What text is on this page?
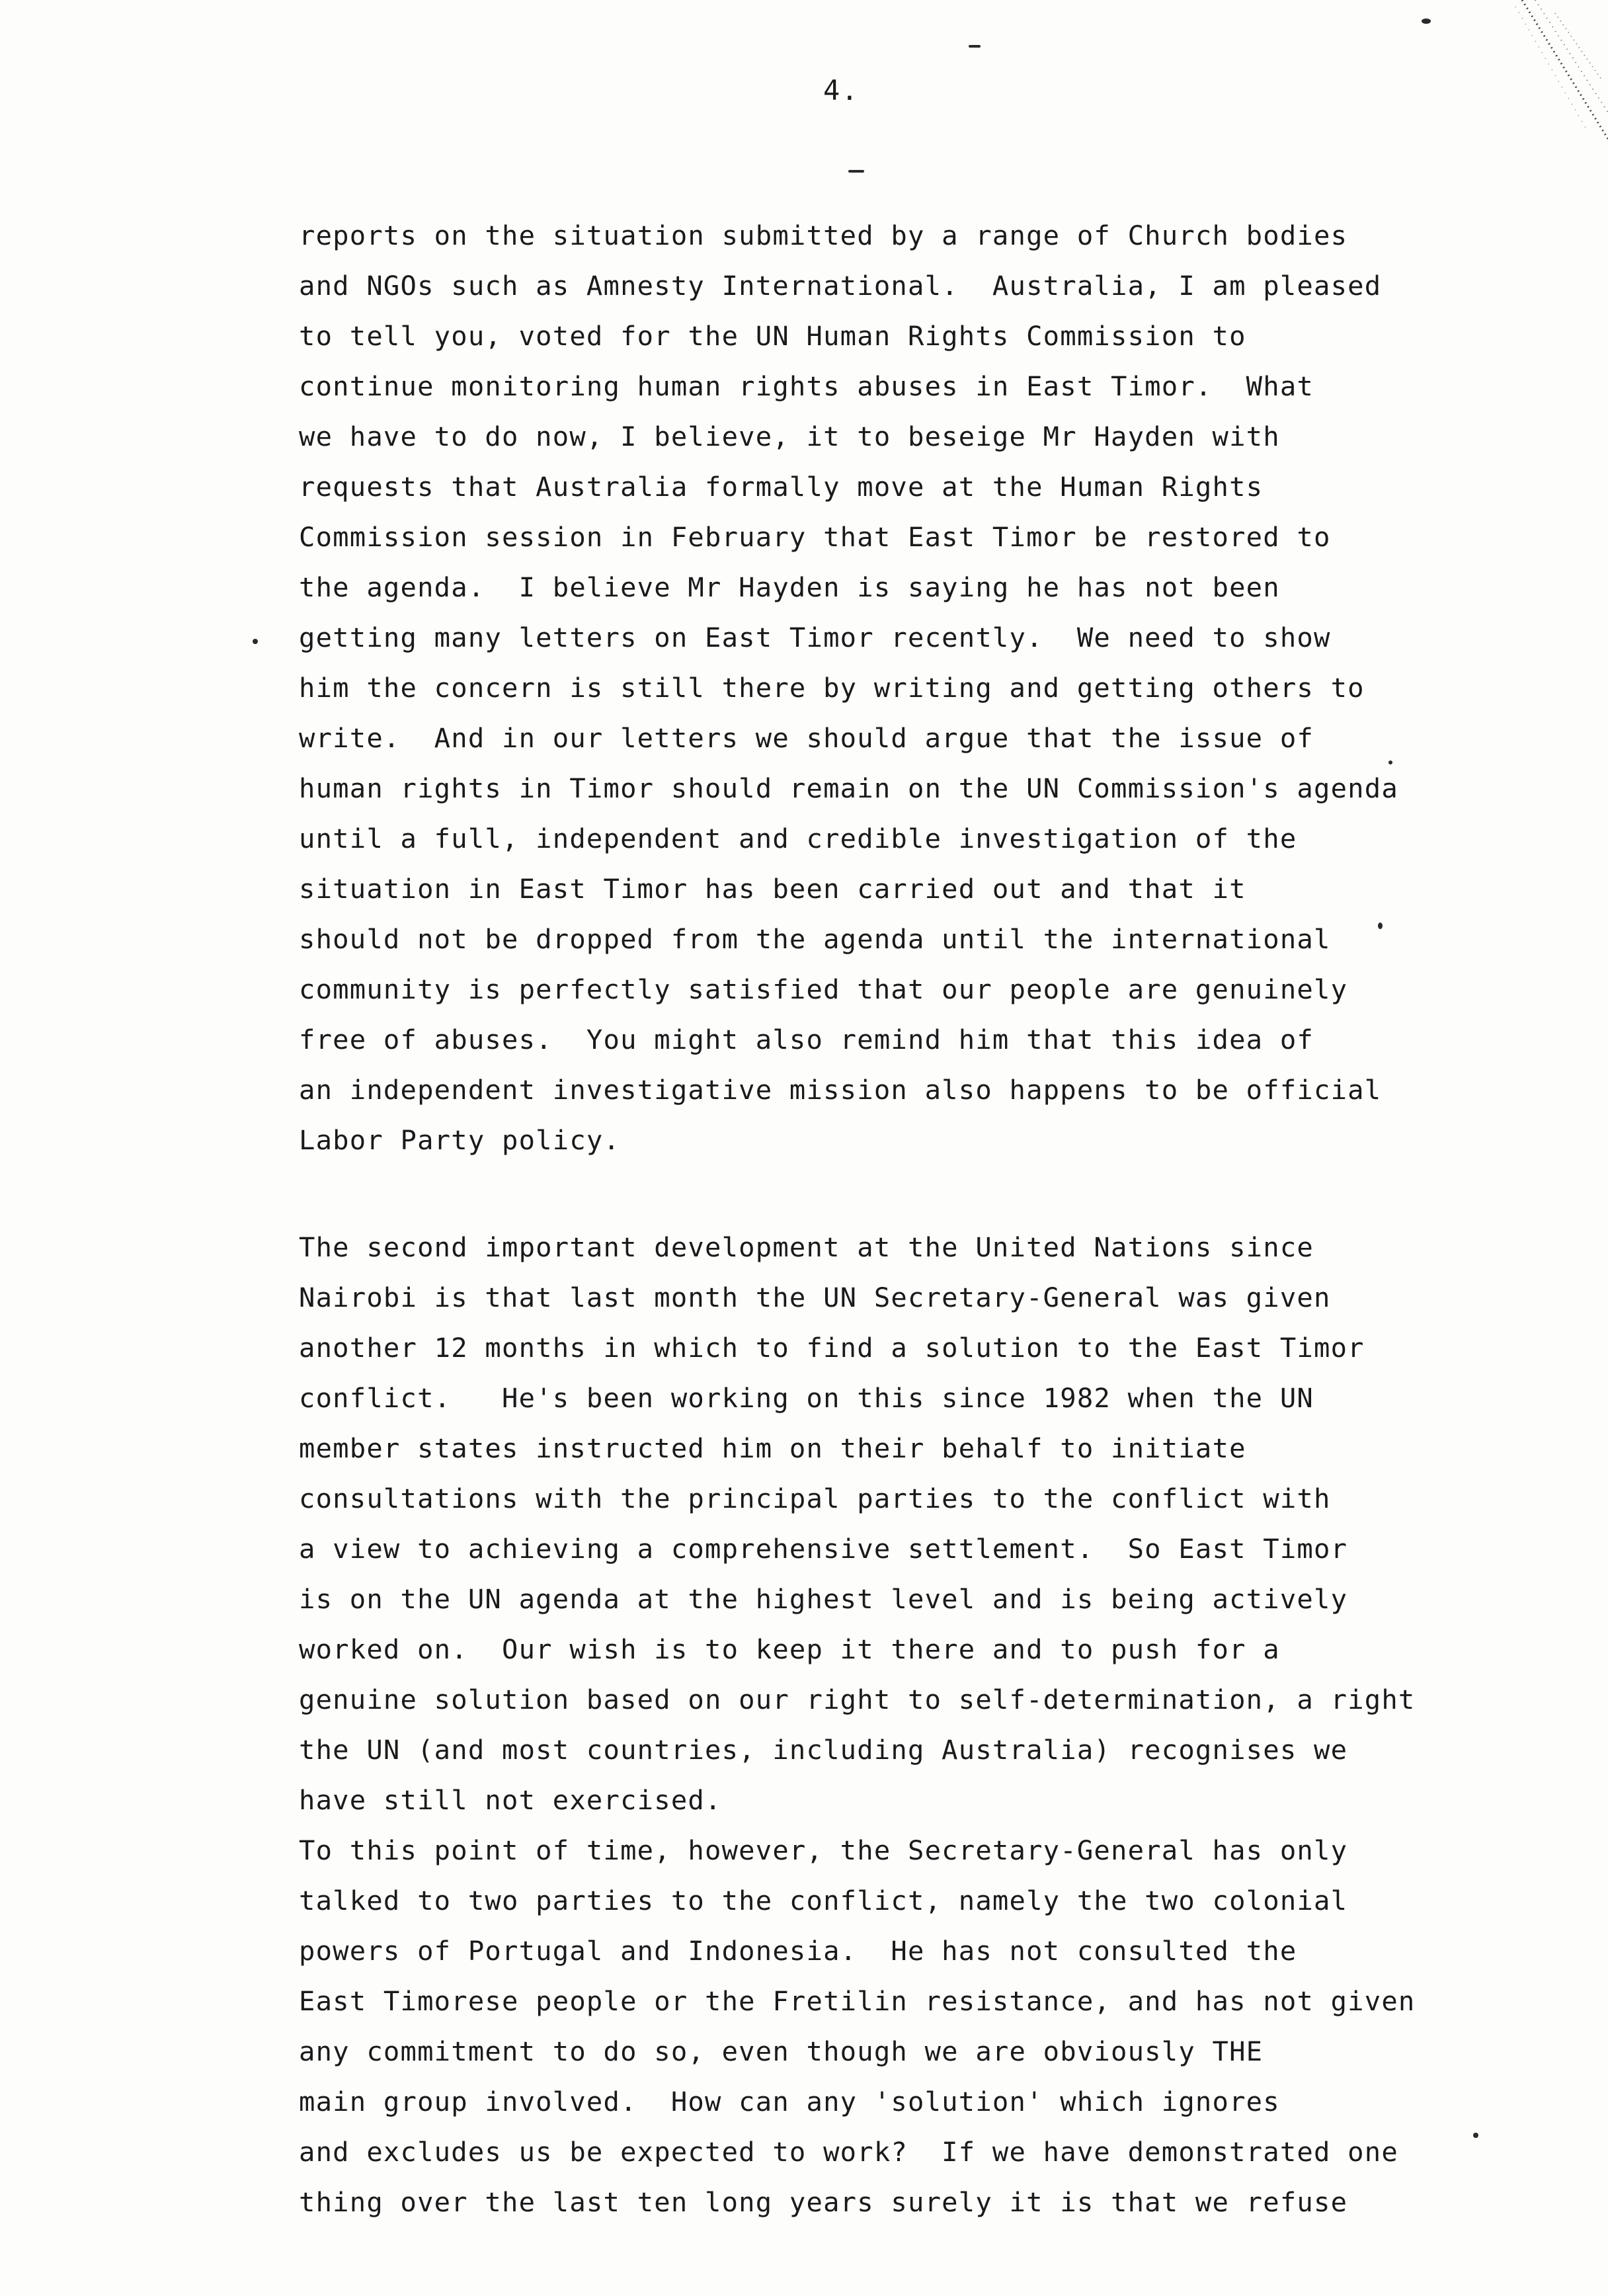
4.
reports on the situation submitted by a range of Church bodies
and NGOs such as Amnesty International.  Australia, I am pleased
to tell you, voted for the UN Human Rights Commission to
continue monitoring human rights abuses in East Timor.  What
we have to do now, I believe, it to beseige Mr Hayden with
requests that Australia formally move at the Human Rights
Commission session in February that East Timor be restored to
the agenda.  I believe Mr Hayden is saying he has not been
getting many letters on East Timor recently.  We need to show
him the concern is still there by writing and getting others to
write.  And in our letters we should argue that the issue of
human rights in Timor should remain on the UN Commission's agenda
until a full, independent and credible investigation of the
situation in East Timor has been carried out and that it
should not be dropped from the agenda until the international
community is perfectly satisfied that our people are genuinely
free of abuses.  You might also remind him that this idea of
an independent investigative mission also happens to be official
Labor Party policy.
The second important development at the United Nations since
Nairobi is that last month the UN Secretary-General was given
another 12 months in which to find a solution to the East Timor
conflict.   He's been working on this since 1982 when the UN
member states instructed him on their behalf to initiate
consultations with the principal parties to the conflict with
a view to achieving a comprehensive settlement.  So East Timor
is on the UN agenda at the highest level and is being actively
worked on.  Our wish is to keep it there and to push for a
genuine solution based on our right to self-determination, a right
the UN (and most countries, including Australia) recognises we
have still not exercised.
To this point of time, however, the Secretary-General has only
talked to two parties to the conflict, namely the two colonial
powers of Portugal and Indonesia.  He has not consulted the
East Timorese people or the Fretilin resistance, and has not given
any commitment to do so, even though we are obviously THE
main group involved.  How can any 'solution' which ignores
and excludes us be expected to work?  If we have demonstrated one
thing over the last ten long years surely it is that we refuse
